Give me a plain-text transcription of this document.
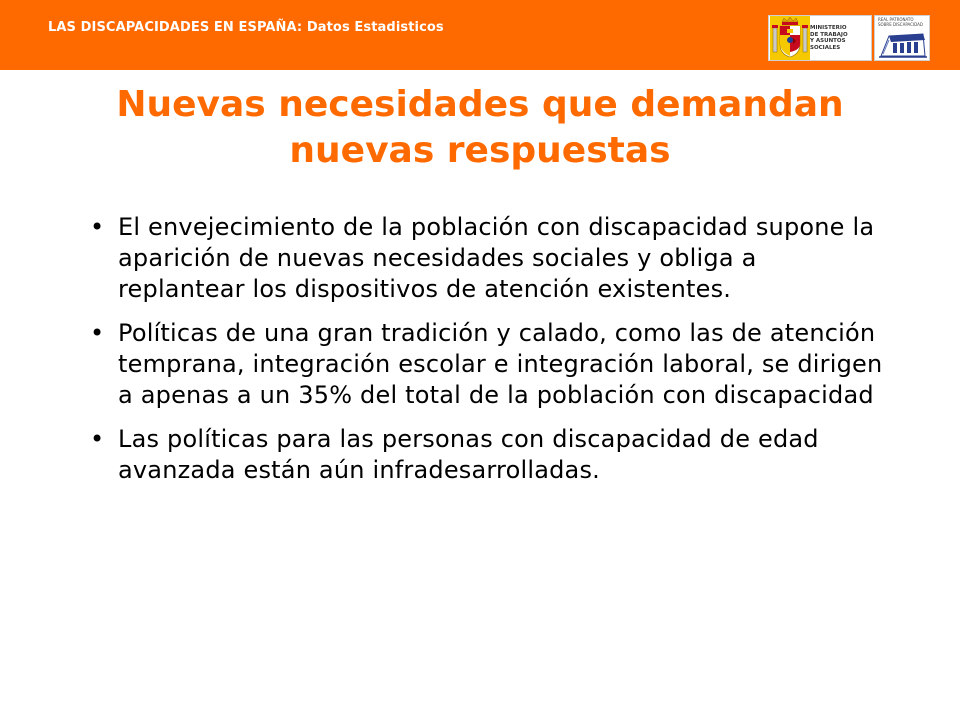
LAS DISCAPACIDADES EN ESPAÑA: Datos Estadisticos	MINISTERIO
DE TRABAJO
Y ASUNTOS SOCIALES
REAL PATRONATO
SOBRE DISCAPACIDAD
Nuevas necesidades que demandan nuevas respuestas
• El envejecimiento de la población con discapacidad supone la aparición de nuevas necesidades sociales y obliga a replantear los dispositivos de atención existentes.
• Políticas de una gran tradición y calado, como las de atención temprana, integración escolar e integración laboral, se dirigen a apenas a un 35% del total de la población con discapacidad
• Las políticas para las personas con discapacidad de edad avanzada están aún infradesarrolladas.
